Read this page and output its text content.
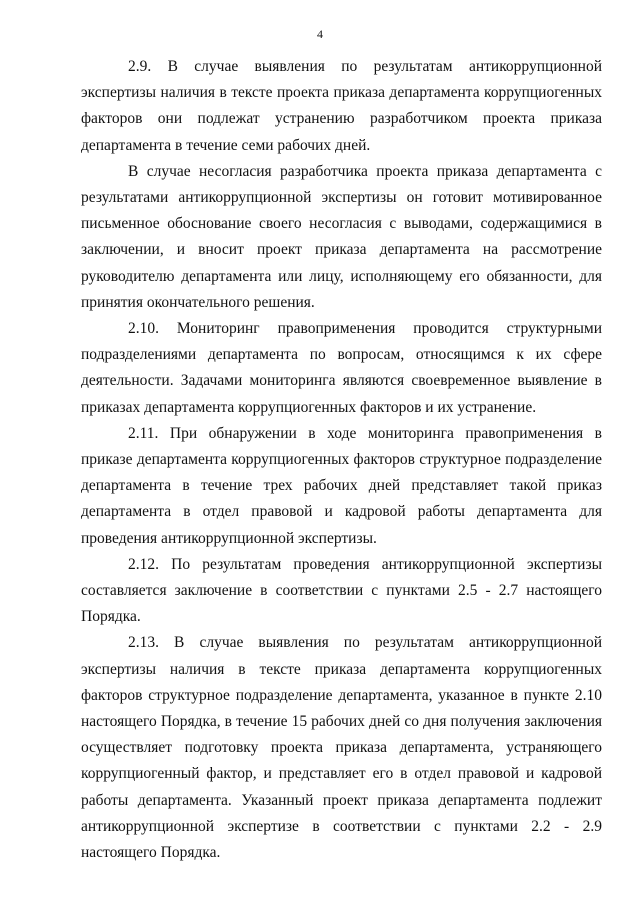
4

2.9. В случае выявления по результатам антикоррупционной экспертизы наличия в тексте проекта приказа департамента коррупциогенных факторов они подлежат устранению разработчиком проекта приказа департамента в течение семи рабочих дней.

В случае несогласия разработчика проекта приказа департамента с результатами антикоррупционной экспертизы он готовит мотивированное письменное обоснование своего несогласия с выводами, содержащимися в заключении, и вносит проект приказа департамента на рассмотрение руководителю департамента или лицу, исполняющему его обязанности, для принятия окончательного решения.

2.10. Мониторинг правоприменения проводится структурными подразделениями департамента по вопросам, относящимся к их сфере деятельности. Задачами мониторинга являются своевременное выявление в приказах департамента коррупциогенных факторов и их устранение.

2.11. При обнаружении в ходе мониторинга правоприменения в приказе департамента коррупциогенных факторов структурное подразделение департамента в течение трех рабочих дней представляет такой приказ департамента в отдел правовой и кадровой работы департамента для проведения антикоррупционной экспертизы.

2.12. По результатам проведения антикоррупционной экспертизы составляется заключение в соответствии с пунктами 2.5 - 2.7 настоящего Порядка.

2.13. В случае выявления по результатам антикоррупционной экспертизы наличия в тексте приказа департамента коррупциогенных факторов структурное подразделение департамента, указанное в пункте 2.10 настоящего Порядка, в течение 15 рабочих дней со дня получения заключения осуществляет подготовку проекта приказа департамента, устраняющего коррупциогенный фактор, и представляет его в отдел правовой и кадровой работы департамента. Указанный проект приказа департамента подлежит антикоррупционной экспертизе в соответствии с пунктами 2.2 - 2.9 настоящего Порядка.
